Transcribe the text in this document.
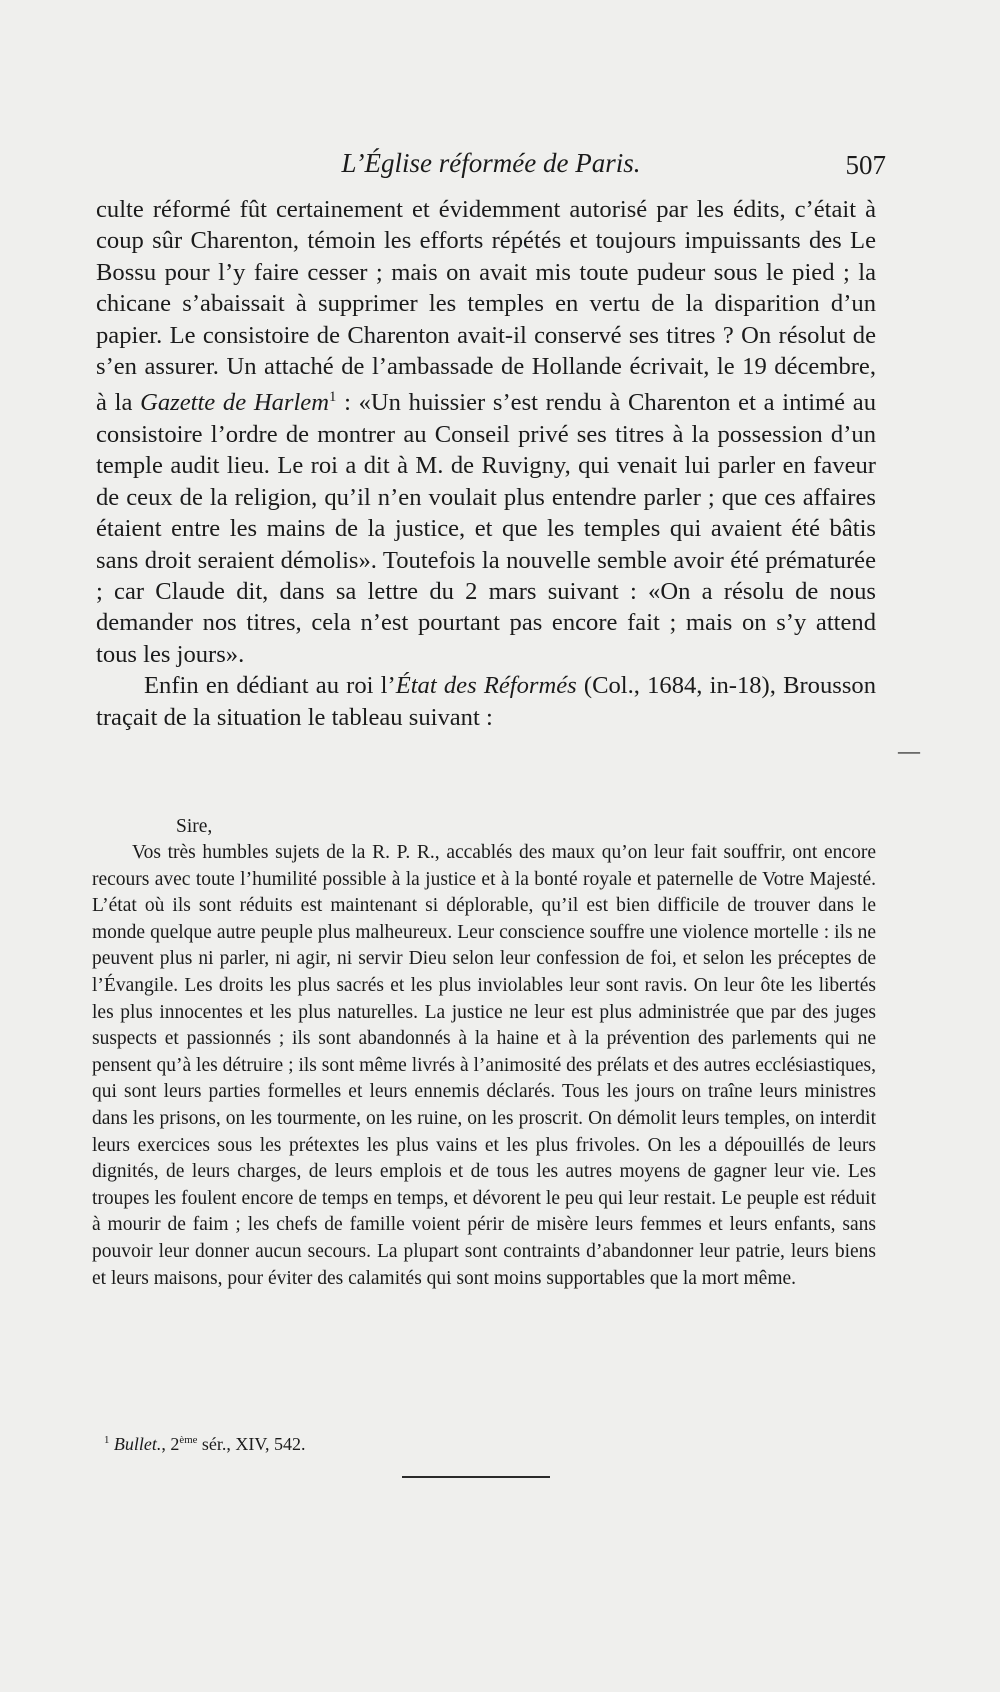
L’Église réformée de Paris.	507

culte réformé fût certainement et évidemment autorisé par les édits, c’était à coup sûr Charenton, témoin les efforts répétés et toujours impuissants des Le Bossu pour l’y faire cesser ; mais on avait mis toute pudeur sous le pied ; la chicane s’abaissait à supprimer les temples en vertu de la disparition d’un papier. Le consistoire de Charenton avait-il conservé ses titres ? On résolut de s’en assurer. Un attaché de l’ambassade de Hollande écrivait, le 19 décembre, à la Gazette de Harlem$^1$ : «Un huissier s’est rendu à Charenton et a intimé au consistoire l’ordre de montrer au Conseil privé ses titres à la possession d’un temple audit lieu. Le roi a dit à M. de Ruvigny, qui venait lui parler en faveur de ceux de la religion, qu’il n’en voulait plus entendre parler ; que ces affaires étaient entre les mains de la justice, et que les temples qui avaient été bâtis sans droit seraient démolis». Toutefois la nouvelle semble avoir été prématurée ; car Claude dit, dans sa lettre du 2 mars suivant : «On a résolu de nous demander nos titres, cela n’est pourtant pas encore fait ; mais on s’y attend tous les jours».

Enfin en dédiant au roi l’État des Réformés (Col., 1684, in-18), Brousson traçait de la situation le tableau suivant :

—
Sire,

Vos très humbles sujets de la R. P. R., accablés des maux qu’on leur fait souffrir, ont encore recours avec toute l’humilité possible à la justice et à la bonté royale et paternelle de Votre Majesté. L’état où ils sont réduits est maintenant si déplorable, qu’il est bien difficile de trouver dans le monde quelque autre peuple plus malheureux. Leur conscience souffre une violence mortelle : ils ne peuvent plus ni parler, ni agir, ni servir Dieu selon leur confession de foi, et selon les préceptes de l’Évangile. Les droits les plus sacrés et les plus inviolables leur sont ravis. On leur ôte les libertés les plus innocentes et les plus naturelles. La justice ne leur est plus administrée que par des juges suspects et passionnés ; ils sont abandonnés à la haine et à la prévention des parlements qui ne pensent qu’à les détruire ; ils sont même livrés à l’animosité des prélats et des autres ecclésiastiques, qui sont leurs parties formelles et leurs ennemis déclarés. Tous les jours on traîne leurs ministres dans les prisons, on les tourmente, on les ruine, on les proscrit. On démolit leurs temples, on interdit leurs exercices sous les prétextes les plus vains et les plus frivoles. On les a dépouillés de leurs dignités, de leurs charges, de leurs emplois et de tous les autres moyens de gagner leur vie. Les troupes les foulent encore de temps en temps, et dévorent le peu qui leur restait. Le peuple est réduit à mourir de faim ; les chefs de famille voient périr de misère leurs femmes et leurs enfants, sans pouvoir leur donner aucun secours. La plupart sont contraints d’abandonner leur patrie, leurs biens et leurs maisons, pour éviter des calamités qui sont moins supportables que la mort même.

$^1$ Bullet., 2ème sér., XIV, 542.
